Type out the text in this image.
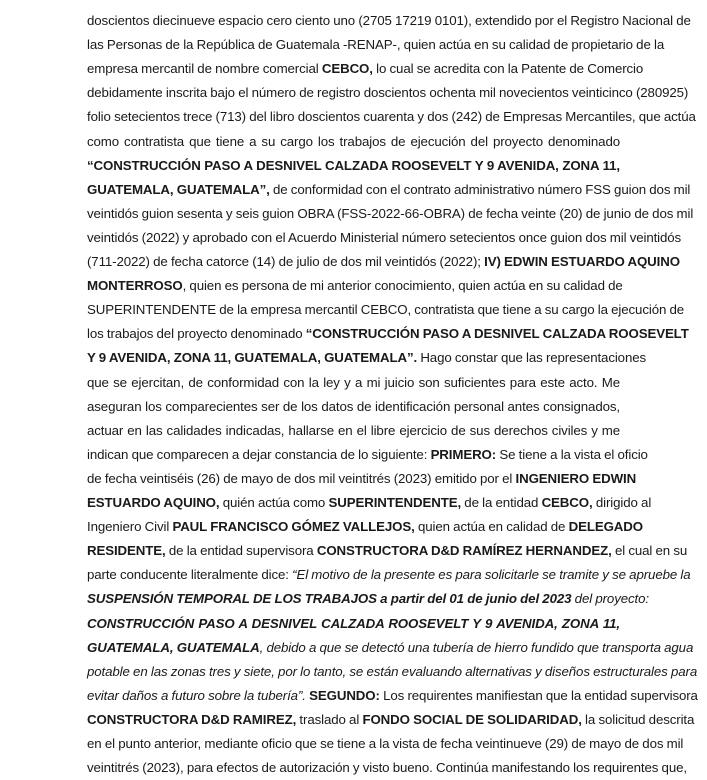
doscientos diecinueve espacio cero ciento uno (2705 17219 0101), extendido por el Registro Nacional de
las Personas de la República de Guatemala -RENAP-, quien actúa en su calidad de propietario de la
empresa mercantil de nombre comercial CEBCO, lo cual se acredita con la Patente de Comercio
debidamente inscrita bajo el número de registro doscientos ochenta mil novecientos veinticinco (280925)
folio setecientos trece (713) del libro doscientos cuarenta y dos (242) de Empresas Mercantiles, que actúa
como contratista que tiene a su cargo los trabajos de ejecución del proyecto denominado
“CONSTRUCCIÓN PASO A DESNIVEL CALZADA ROOSEVELT Y 9 AVENIDA, ZONA 11,
GUATEMALA, GUATEMALA”, de conformidad con el contrato administrativo número FSS guion dos mil
veintidós guion sesenta y seis guion OBRA (FSS-2022-66-OBRA) de fecha veinte (20) de junio de dos mil
veintidós (2022) y aprobado con el Acuerdo Ministerial número setecientos once guion dos mil veintidós
(711-2022) de fecha catorce (14) de julio de dos mil veintidós (2022); IV) EDWIN ESTUARDO AQUINO
MONTERROSO, quien es persona de mi anterior conocimiento, quien actúa en su calidad de
SUPERINTENDENTE de la empresa mercantil CEBCO, contratista que tiene a su cargo la ejecución de
los trabajos del proyecto denominado “CONSTRUCCIÓN PASO A DESNIVEL CALZADA ROOSEVELT
Y 9 AVENIDA, ZONA 11, GUATEMALA, GUATEMALA”. Hago constar que las representaciones
que se ejercitan, de conformidad con la ley y a mi juicio son suficientes para este acto. Me
aseguran los comparecientes ser de los datos de identificación personal antes consignados,
actuar en las calidades indicadas, hallarse en el libre ejercicio de sus derechos civiles y me
indican que comparecen a dejar constancia de lo siguiente: PRIMERO: Se tiene a la vista el oficio
de fecha veintiséis (26) de mayo de dos mil veintitrés (2023) emitido por el INGENIERO EDWIN
ESTUARDO AQUINO, quién actúa como SUPERINTENDENTE, de la entidad CEBCO, dirigido al
Ingeniero Civil PAUL FRANCISCO GÓMEZ VALLEJOS, quien actúa en calidad de DELEGADO
RESIDENTE, de la entidad supervisora CONSTRUCTORA D&D RAMÍREZ HERNANDEZ, el cual en su
parte conducente literalmente dice: “El motivo de la presente es para solicitarle se tramite y se apruebe la
SUSPENSIÓN TEMPORAL DE LOS TRABAJOS a partir del 01 de junio del 2023 del proyecto:
CONSTRUCCIÓN PASO A DESNIVEL CALZADA ROOSEVELT Y 9 AVENIDA, ZONA 11,
GUATEMALA, GUATEMALA, debido a que se detectó una tubería de hierro fundido que transporta agua
potable en las zonas tres y siete, por lo tanto, se están evaluando alternativas y diseños estructurales para
evitar daños a futuro sobre la tubería”. SEGUNDO: Los requirentes manifiestan que la entidad supervisora
CONSTRUCTORA D&D RAMIREZ, traslado al FONDO SOCIAL DE SOLIDARIDAD, la solicitud descrita
en el punto anterior, mediante oficio que se tiene a la vista de fecha veintinueve (29) de mayo de dos mil
veintitrés (2023), para efectos de autorización y visto bueno. Continúa manifestando los requirentes que,
